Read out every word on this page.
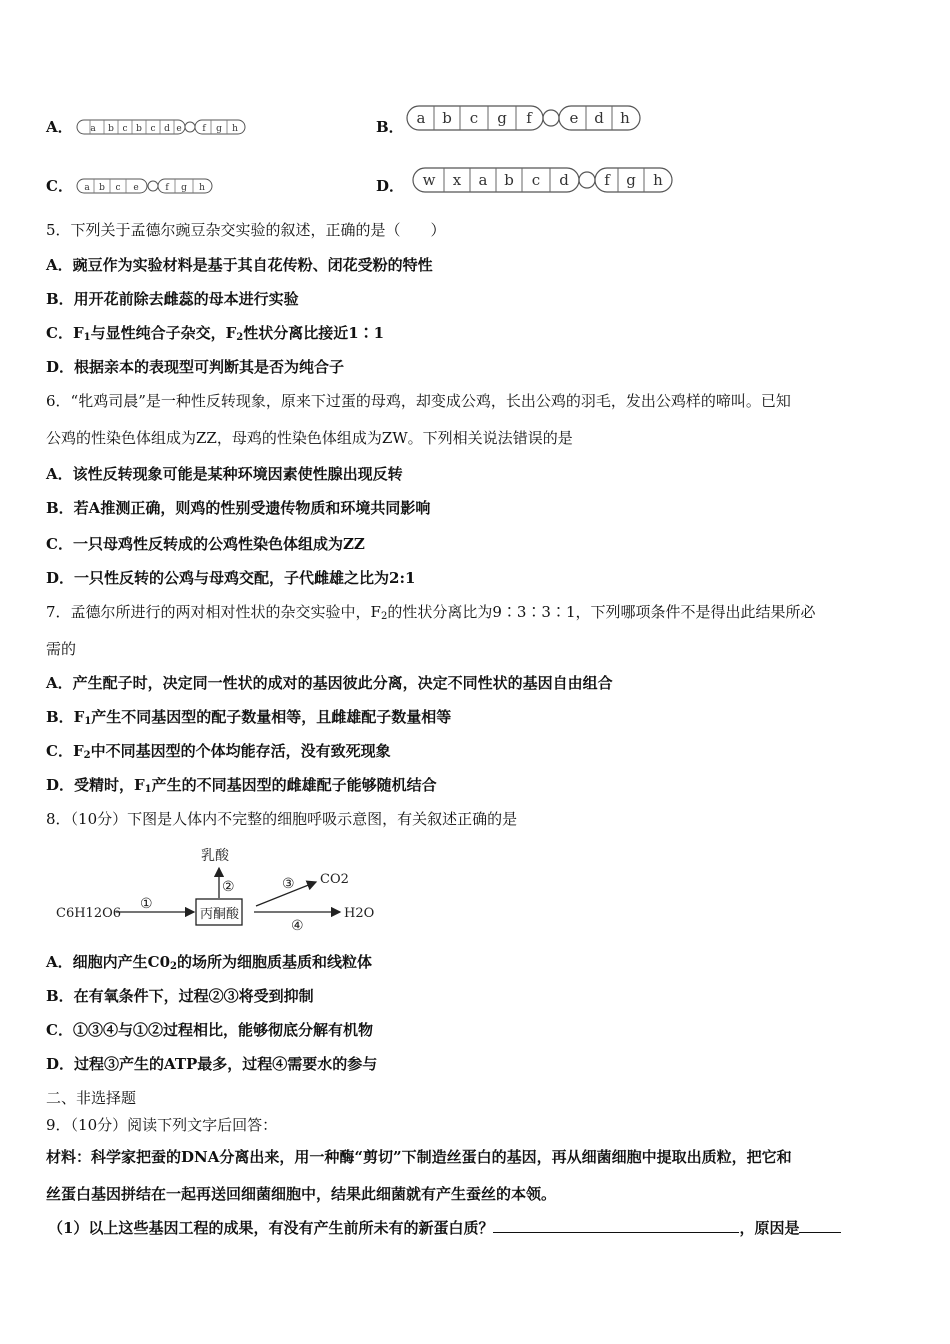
A． a b c b c d e f g h	B． a b c g f	e d h
C． a b c e	f g h	D． w x a b c d f g h
5．下列关于孟德尔豌豆杂交实验的叙述，正确的是（　　）
A．豌豆作为实验材料是基于其自花传粉、闭花受粉的特性
B．用开花前除去雌蕊的母本进行实验
C．$F_1$与显性纯合子杂交，$F_2$性状分离比接近1∶1
D．根据亲本的表现型可判断其是否为纯合子
6．“牝鸡司晨”是一种性反转现象，原来下过蛋的母鸡，却变成公鸡，长出公鸡的羽毛，发出公鸡样的啼叫。已知
公鸡的性染色体组成为ZZ，母鸡的性染色体组成为ZW。下列相关说法错误的是
A．该性反转现象可能是某种环境因素使性腺出现反转
B．若A推测正确，则鸡的性别受遗传物质和环境共同影响
C．一只母鸡性反转成的公鸡性染色体组成为ZZ
D．一只性反转的公鸡与母鸡交配，子代雌雄之比为2:1
7．孟德尔所进行的两对相对性状的杂交实验中，$F_2$的性状分离比为9∶3∶3∶1，下列哪项条件不是得出此结果所必
需的
A．产生配子时，决定同一性状的成对的基因彼此分离，决定不同性状的基因自由组合
B．$F_1$产生不同基因型的配子数量相等，且雌雄配子数量相等
C．$F_2$中不同基因型的个体均能存活，没有致死现象
D．受精时，$F_1$产生的不同基因型的雌雄配子能够随机结合
8．（10分）下图是人体内不完整的细胞呼吸示意图，有关叙述正确的是
C6H12O6
①
丙酮酸
乳酸
②	③ CO2
④
H2O
A．细胞内产生$C0_2$的场所为细胞质基质和线粒体
B．在有氧条件下，过程②③将受到抑制
C．①③④与①②过程相比，能够彻底分解有机物
D．过程③产生的ATP最多，过程④需要水的参与
二、非选择题
9．（10分）阅读下列文字后回答：
材料：科学家把蚕的DNA分离出来，用一种酶“剪切”下制造丝蛋白的基因，再从细菌细胞中提取出质粒，把它和
丝蛋白基因拼结在一起再送回细菌细胞中，结果此细菌就有产生蚕丝的本领。
（1）以上这些基因工程的成果，有没有产生前所未有的新蛋白质？	，原因是
